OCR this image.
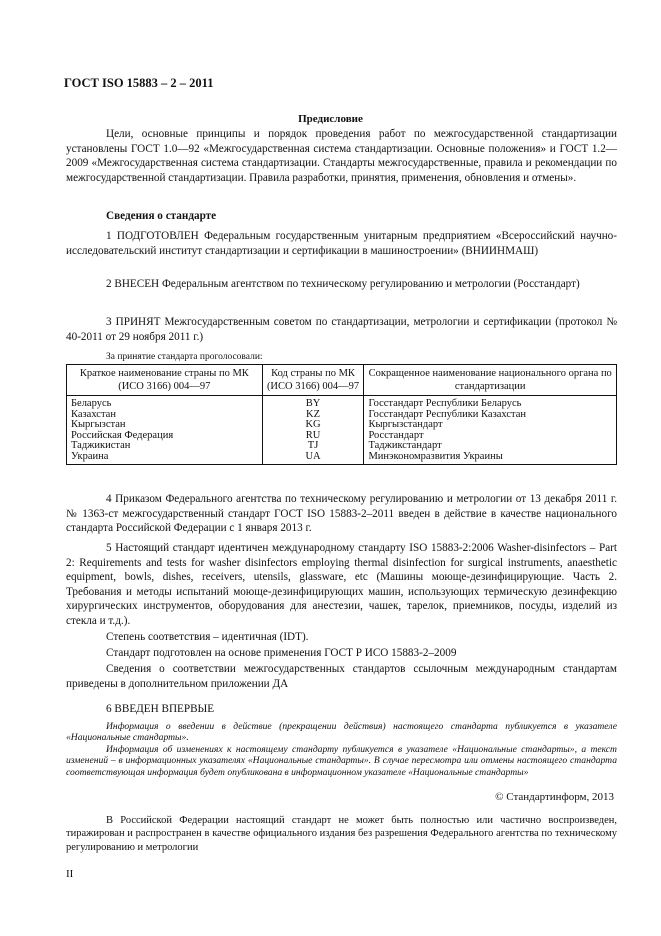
ГОСТ ISO 15883 – 2 – 2011
Предисловие
Цели, основные принципы и порядок проведения работ по межгосударственной стандартизации установлены ГОСТ 1.0—92 «Межгосударственная система стандартизации. Основные положения» и ГОСТ 1.2—2009 «Межгосударственная система стандартизации. Стандарты межгосударственные, правила и рекомендации по межгосударственной стандартизации. Правила разработки, принятия, применения, обновления и отмены».
Сведения о стандарте
1 ПОДГОТОВЛЕН Федеральным государственным унитарным предприятием «Всероссийский научно-исследовательский институт стандартизации и сертификации в машиностроении» (ВНИИНМАШ)
2 ВНЕСЕН Федеральным агентством по техническому регулированию и метрологии (Росстандарт)
3 ПРИНЯТ Межгосударственным советом по стандартизации, метрологии и сертификации (протокол № 40-2011 от 29 ноября 2011 г.)
За принятие стандарта проголосовали:
Краткое наименование страны по МК (ИСО 3166) 004—97	Код страны по МК (ИСО 3166) 004—97	Сокращенное наименование национального органа по стандартизации
Беларусь	BY	Госстандарт Республики Беларусь
Казахстан	KZ	Госстандарт Республики Казахстан
Кыргызстан	KG	Кыргызстандарт
Российская Федерация	RU	Росстандарт
Таджикистан	TJ	Таджикстандарт
Украина	UA	Минэкономразвития Украины
4 Приказом Федерального агентства по техническому регулированию и метрологии от 13 декабря 2011 г. № 1363-ст межгосударственный стандарт ГОСТ ISO 15883-2–2011 введен в действие в качестве национального стандарта Российской Федерации с 1 января 2013 г.
5 Настоящий стандарт идентичен международному стандарту ISO 15883-2:2006 Washer-disinfectors – Part 2: Requirements and tests for washer disinfectors employing thermal disinfection for surgical instruments, anaesthetic equipment, bowls, dishes, receivers, utensils, glassware, etc (Машины моюще-дезинфицирующие. Часть 2. Требования и методы испытаний моюще-дезинфицирующих машин, использующих термическую дезинфекцию хирургических инструментов, оборудования для анестезии, чашек, тарелок, приемников, посуды, изделий из стекла и т.д.).
Степень соответствия – идентичная (IDT).
Стандарт подготовлен на основе применения ГОСТ Р ИСО 15883-2–2009
Сведения о соответствии межгосударственных стандартов ссылочным международным стандартам приведены в дополнительном приложении ДА
6 ВВЕДЕН ВПЕРВЫЕ
Информация о введении в действие (прекращении действия) настоящего стандарта публикуется в указателе «Национальные стандарты».
Информация об изменениях к настоящему стандарту публикуется в указателе «Национальные стандарты», а текст изменений – в информационных указателях «Национальные стандарты». В случае пересмотра или отмены настоящего стандарта соответствующая информация будет опубликована в информационном указателе «Национальные стандарты»
© Стандартинформ, 2013
В Российской Федерации настоящий стандарт не может быть полностью или частично воспроизведен, тиражирован и распространен в качестве официального издания без разрешения Федерального агентства по техническому регулированию и метрологии
II
